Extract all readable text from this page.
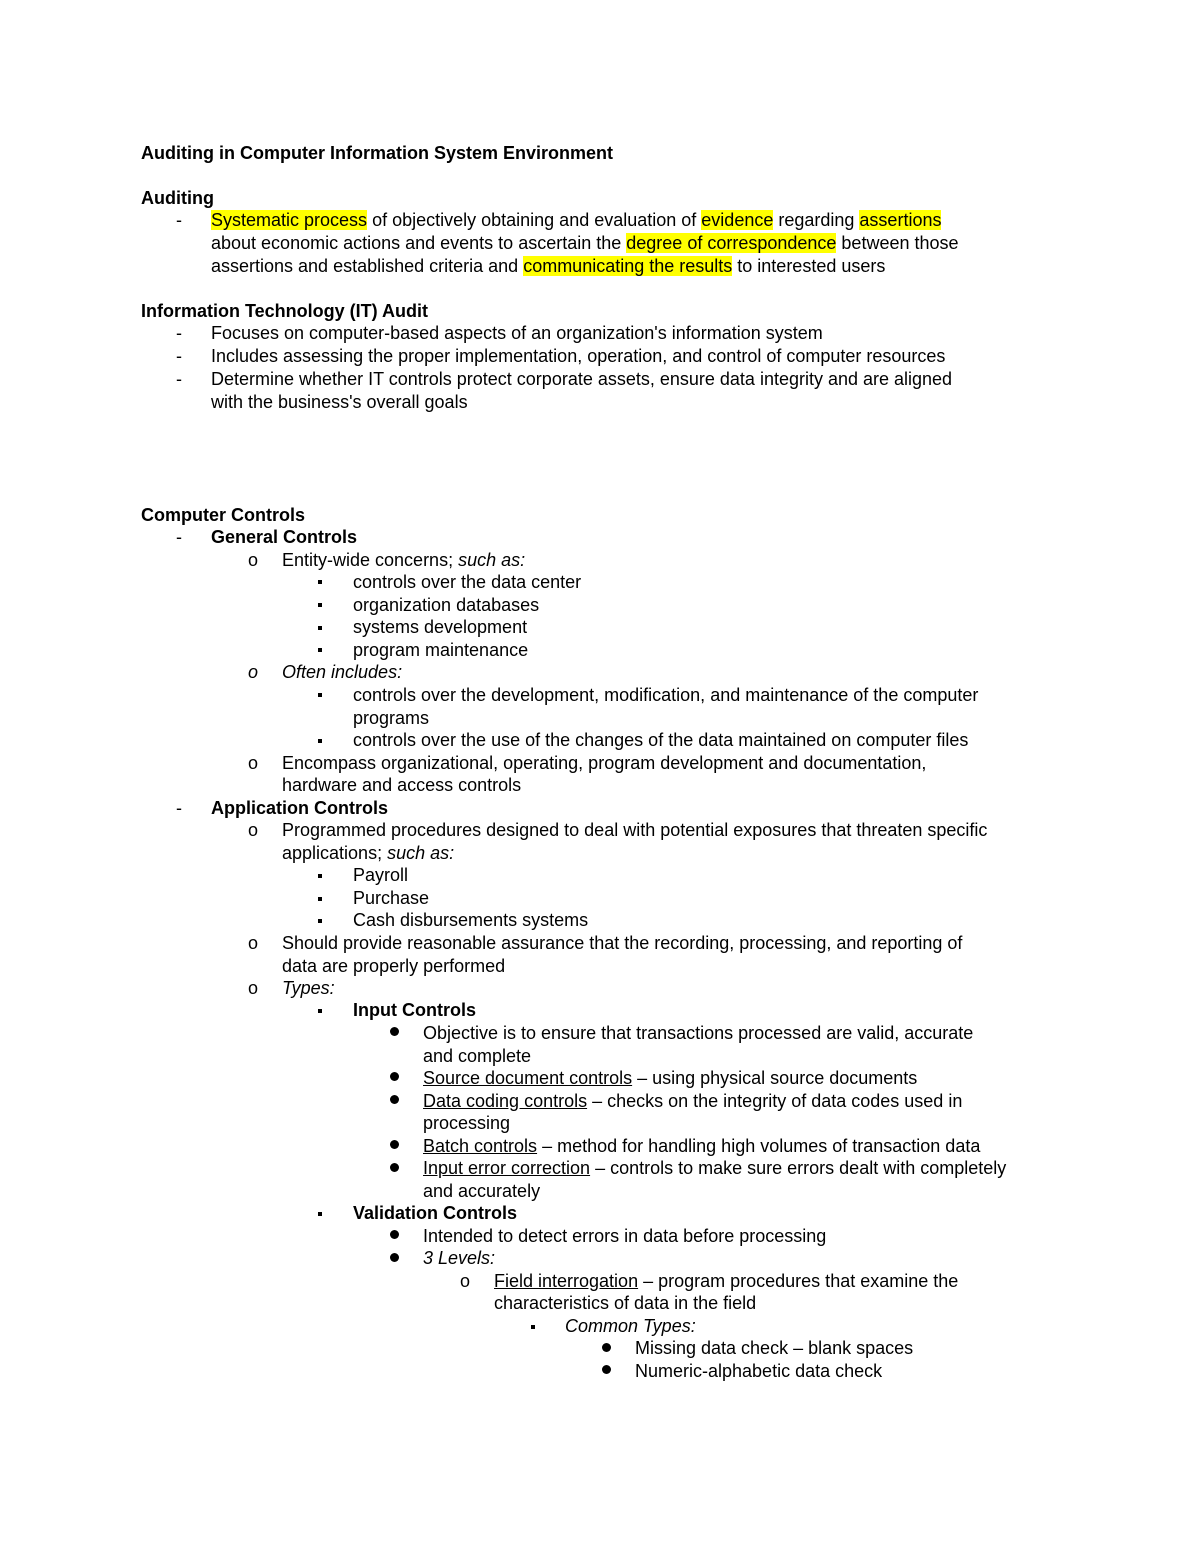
Auditing in Computer Information System Environment
Auditing
- Systematic process of objectively obtaining and evaluation of evidence regarding assertions
about economic actions and events to ascertain the degree of correspondence between those
assertions and established criteria and communicating the results to interested users
Information Technology (IT) Audit
- Focuses on computer-based aspects of an organization's information system
- Includes assessing the proper implementation, operation, and control of computer resources
- Determine whether IT controls protect corporate assets, ensure data integrity and are aligned
with the business's overall goals
Computer Controls
- General Controls
o Entity-wide concerns; such as:
controls over the data center
organization databases
systems development
program maintenance
o Often includes:
controls over the development, modification, and maintenance of the computer
programs
controls over the use of the changes of the data maintained on computer files
o Encompass organizational, operating, program development and documentation,
hardware and access controls
- Application Controls
o Programmed procedures designed to deal with potential exposures that threaten specific
applications; such as:
Payroll
Purchase
Cash disbursements systems
o Should provide reasonable assurance that the recording, processing, and reporting of
data are properly performed
o Types:
Input Controls
Objective is to ensure that transactions processed are valid, accurate
and complete
Source document controls – using physical source documents
Data coding controls – checks on the integrity of data codes used in
processing
Batch controls – method for handling high volumes of transaction data
Input error correction – controls to make sure errors dealt with completely
and accurately
Validation Controls
Intended to detect errors in data before processing
3 Levels:
o Field interrogation – program procedures that examine the
characteristics of data in the field
Common Types:
Missing data check – blank spaces
Numeric-alphabetic data check
